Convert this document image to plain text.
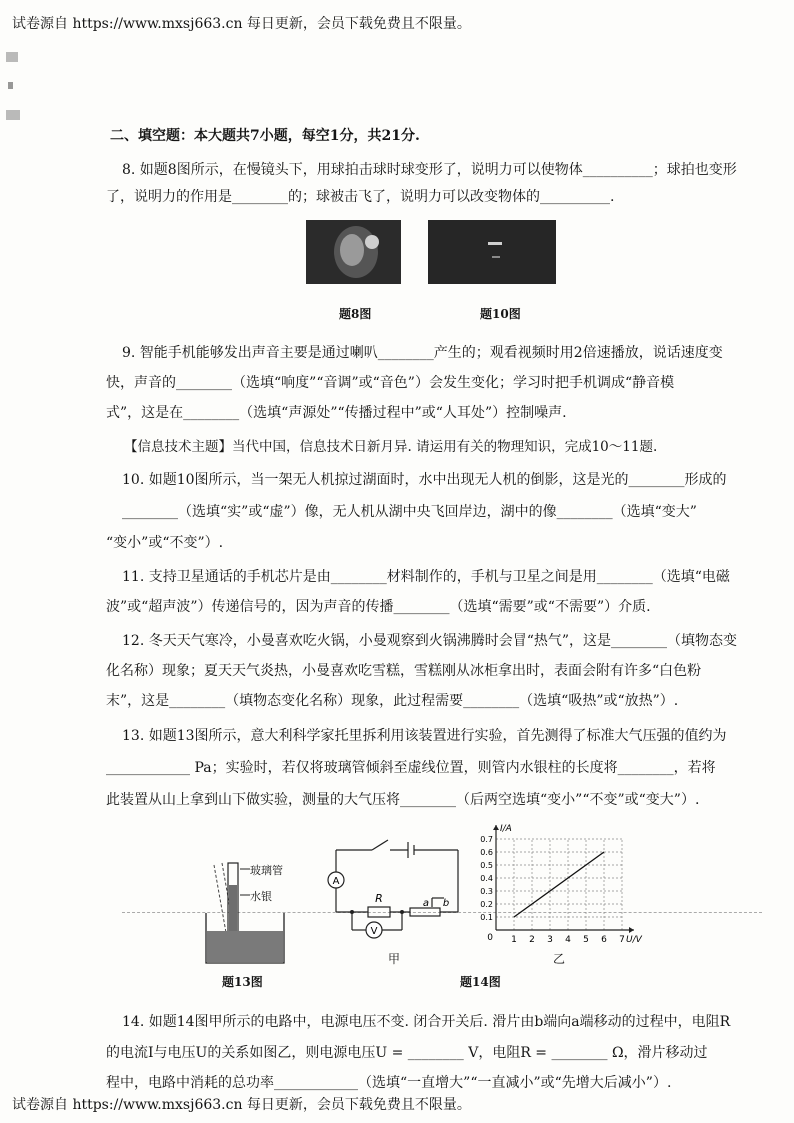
试卷源自 https://www.mxsj663.cn 每日更新，会员下载免费且不限量。
试卷源自 https://www.mxsj663.cn 每日更新，会员下载免费且不限量。
二、填空题：本大题共7小题，每空1分，共21分.
8. 如题8图所示，在慢镜头下，用球拍击球时球变形了，说明力可以使物体__________；球拍也变形
了，说明力的作用是________的；球被击飞了，说明力可以改变物体的__________.
题8图	题10图
9. 智能手机能够发出声音主要是通过喇叭________产生的；观看视频时用2倍速播放，说话速度变
快，声音的________（选填“响度”“音调”或“音色”）会发生变化；学习时把手机调成“静音模
式”，这是在________（选填“声源处”“传播过程中”或“人耳处”）控制噪声.
【信息技术主题】当代中国，信息技术日新月异. 请运用有关的物理知识，完成10～11题.
10. 如题10图所示，当一架无人机掠过湖面时，水中出现无人机的倒影，这是光的________形成的
________（选填“实”或“虚”）像，无人机从湖中央飞回岸边，湖中的像________（选填“变大”
“变小”或“不变”）.
11. 支持卫星通话的手机芯片是由________材料制作的，手机与卫星之间是用________（选填“电磁
波”或“超声波”）传递信号的，因为声音的传播________（选填“需要”或“不需要”）介质.
12. 冬天天气寒冷，小曼喜欢吃火锅，小曼观察到火锅沸腾时会冒“热气”，这是________（填物态变
化名称）现象；夏天天气炎热，小曼喜欢吃雪糕，雪糕刚从冰柜拿出时，表面会附有许多“白色粉
末”，这是________（填物态变化名称）现象，此过程需要________（选填“吸热”或“放热”）.
13. 如题13图所示，意大利科学家托里拆利用该装置进行实验，首先测得了标准大气压强的值约为
____________ Pa；实验时，若仅将玻璃管倾斜至虚线位置，则管内水银柱的长度将________，若将
此装置从山上拿到山下做实验，测量的大气压将________（后两空选填“变小”“不变”或“变大”）.
玻璃管
水银
题13图
A
V
R	a b
甲
1 2 3 4 5 6 7
0.1
0.2
0.3
0.4
0.5
0.6
0.7
0
I/A
U/V
乙
题14图
14. 如题14图甲所示的电路中，电源电压不变. 闭合开关后. 滑片由b端向a端移动的过程中，电阻R
的电流I与电压U的关系如图乙，则电源电压U = ________ V，电阻R = ________ Ω，滑片移动过
程中，电路中消耗的总功率____________（选填“一直增大”“一直减小”或“先增大后减小”）.
